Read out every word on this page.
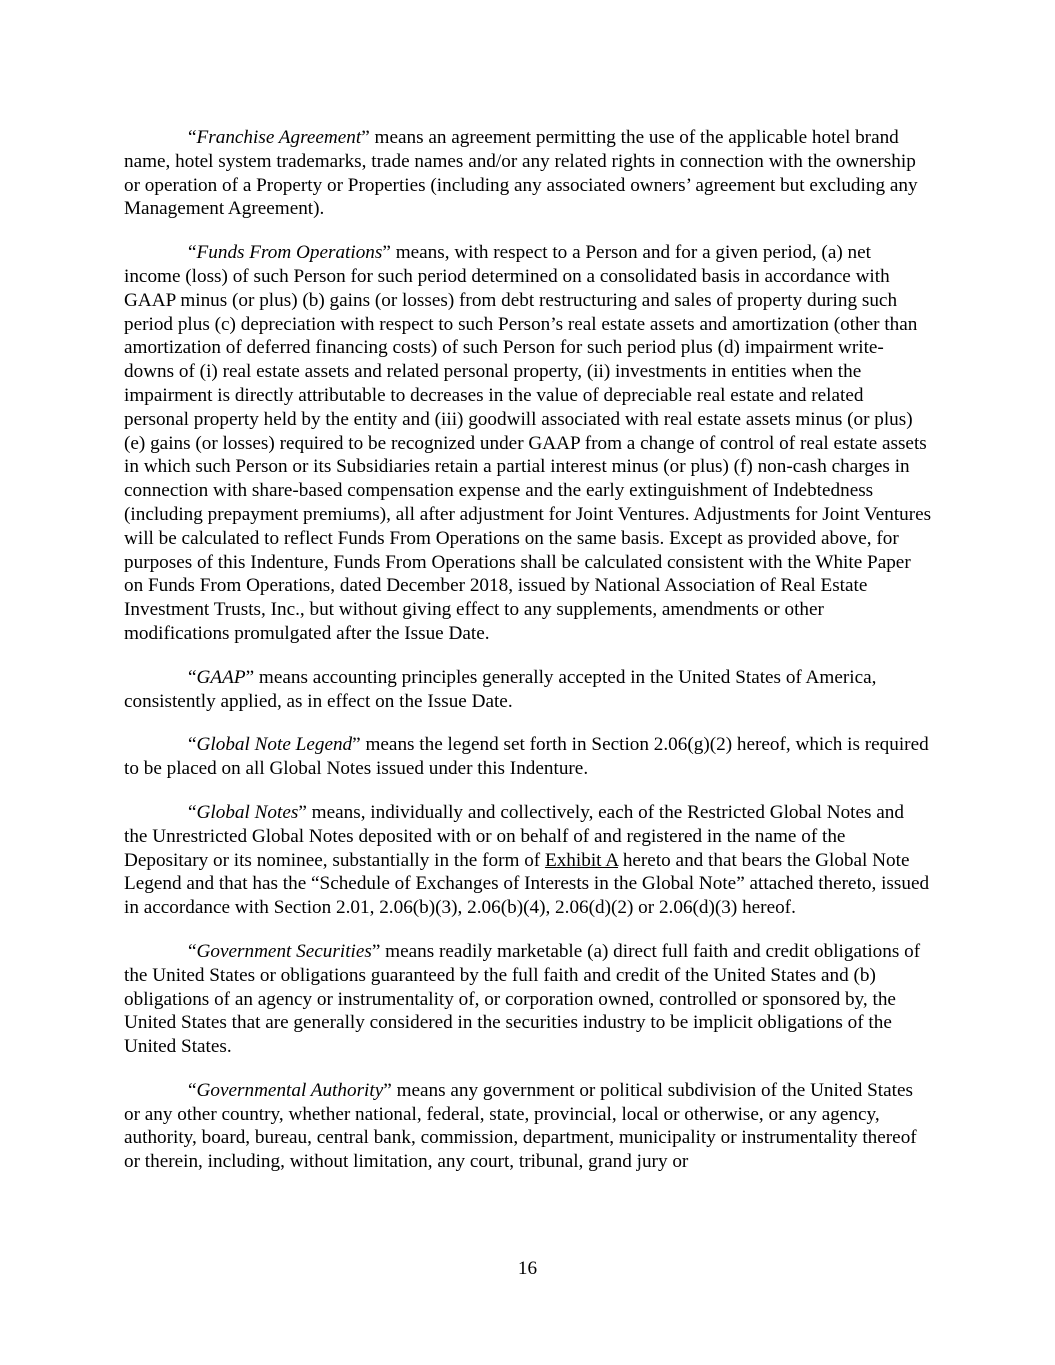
“Franchise Agreement” means an agreement permitting the use of the applicable hotel brand name, hotel system trademarks, trade names and/or any related rights in connection with the ownership or operation of a Property or Properties (including any associated owners’ agreement but excluding any Management Agreement).

“Funds From Operations” means, with respect to a Person and for a given period, (a) net income (loss) of such Person for such period determined on a consolidated basis in accordance with GAAP minus (or plus) (b) gains (or losses) from debt restructuring and sales of property during such period plus (c) depreciation with respect to such Person’s real estate assets and amortization (other than amortization of deferred financing costs) of such Person for such period plus (d) impairment write-downs of (i) real estate assets and related personal property, (ii) investments in entities when the impairment is directly attributable to decreases in the value of depreciable real estate and related personal property held by the entity and (iii) goodwill associated with real estate assets minus (or plus) (e) gains (or losses) required to be recognized under GAAP from a change of control of real estate assets in which such Person or its Subsidiaries retain a partial interest minus (or plus) (f) non-cash charges in connection with share-based compensation expense and the early extinguishment of Indebtedness (including prepayment premiums), all after adjustment for Joint Ventures. Adjustments for Joint Ventures will be calculated to reflect Funds From Operations on the same basis. Except as provided above, for purposes of this Indenture, Funds From Operations shall be calculated consistent with the White Paper on Funds From Operations, dated December 2018, issued by National Association of Real Estate Investment Trusts, Inc., but without giving effect to any supplements, amendments or other modifications promulgated after the Issue Date.

“GAAP” means accounting principles generally accepted in the United States of America, consistently applied, as in effect on the Issue Date.

“Global Note Legend” means the legend set forth in Section 2.06(g)(2) hereof, which is required to be placed on all Global Notes issued under this Indenture.

“Global Notes” means, individually and collectively, each of the Restricted Global Notes and the Unrestricted Global Notes deposited with or on behalf of and registered in the name of the Depositary or its nominee, substantially in the form of Exhibit A hereto and that bears the Global Note Legend and that has the “Schedule of Exchanges of Interests in the Global Note” attached thereto, issued in accordance with Section 2.01, 2.06(b)(3), 2.06(b)(4), 2.06(d)(2) or 2.06(d)(3) hereof.

“Government Securities” means readily marketable (a) direct full faith and credit obligations of the United States or obligations guaranteed by the full faith and credit of the United States and (b) obligations of an agency or instrumentality of, or corporation owned, controlled or sponsored by, the United States that are generally considered in the securities industry to be implicit obligations of the United States.

“Governmental Authority” means any government or political subdivision of the United States or any other country, whether national, federal, state, provincial, local or otherwise, or any agency, authority, board, bureau, central bank, commission, department, municipality or instrumentality thereof or therein, including, without limitation, any court, tribunal, grand jury or

16
